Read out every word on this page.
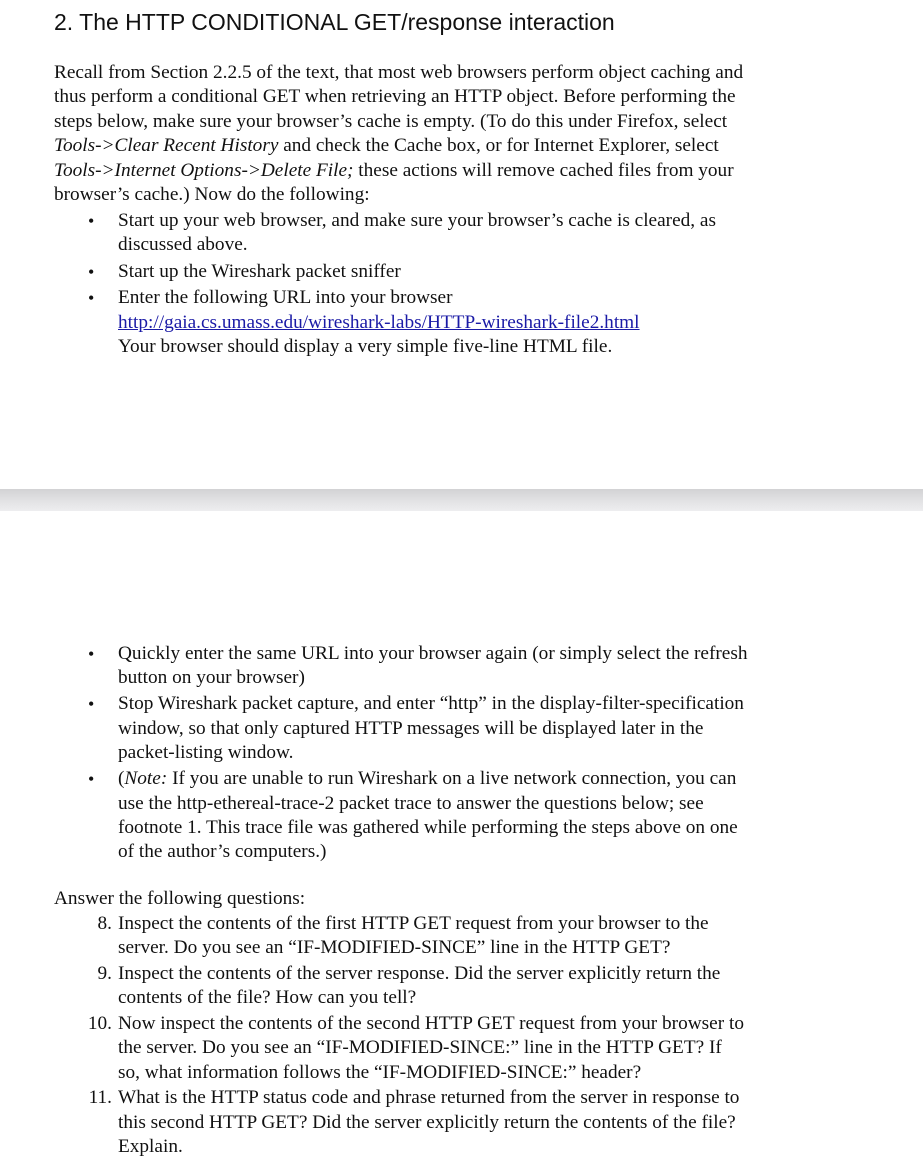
2. The HTTP CONDITIONAL GET/response interaction

Recall from Section 2.2.5 of the text, that most web browsers perform object caching and
thus perform a conditional GET when retrieving an HTTP object. Before performing the
steps below, make sure your browser’s cache is empty. (To do this under Firefox, select
Tools->Clear Recent History and check the Cache box, or for Internet Explorer, select
Tools->Internet Options->Delete File; these actions will remove cached files from your
browser’s cache.) Now do the following:

• Start up your web browser, and make sure your browser’s cache is cleared, as
discussed above.
• Start up the Wireshark packet sniffer
• Enter the following URL into your browser
http://gaia.cs.umass.edu/wireshark-labs/HTTP-wireshark-file2.html
Your browser should display a very simple five-line HTML file.
• Quickly enter the same URL into your browser again (or simply select the refresh
button on your browser)
• Stop Wireshark packet capture, and enter “http” in the display-filter-specification
window, so that only captured HTTP messages will be displayed later in the
packet-listing window.
• (Note: If you are unable to run Wireshark on a live network connection, you can
use the http-ethereal-trace-2 packet trace to answer the questions below; see
footnote 1. This trace file was gathered while performing the steps above on one
of the author’s computers.)

Answer the following questions:

8. Inspect the contents of the first HTTP GET request from your browser to the
server. Do you see an “IF-MODIFIED-SINCE” line in the HTTP GET?
9. Inspect the contents of the server response. Did the server explicitly return the
contents of the file? How can you tell?
10. Now inspect the contents of the second HTTP GET request from your browser to
the server. Do you see an “IF-MODIFIED-SINCE:” line in the HTTP GET? If
so, what information follows the “IF-MODIFIED-SINCE:” header?
11. What is the HTTP status code and phrase returned from the server in response to
this second HTTP GET? Did the server explicitly return the contents of the file?
Explain.
